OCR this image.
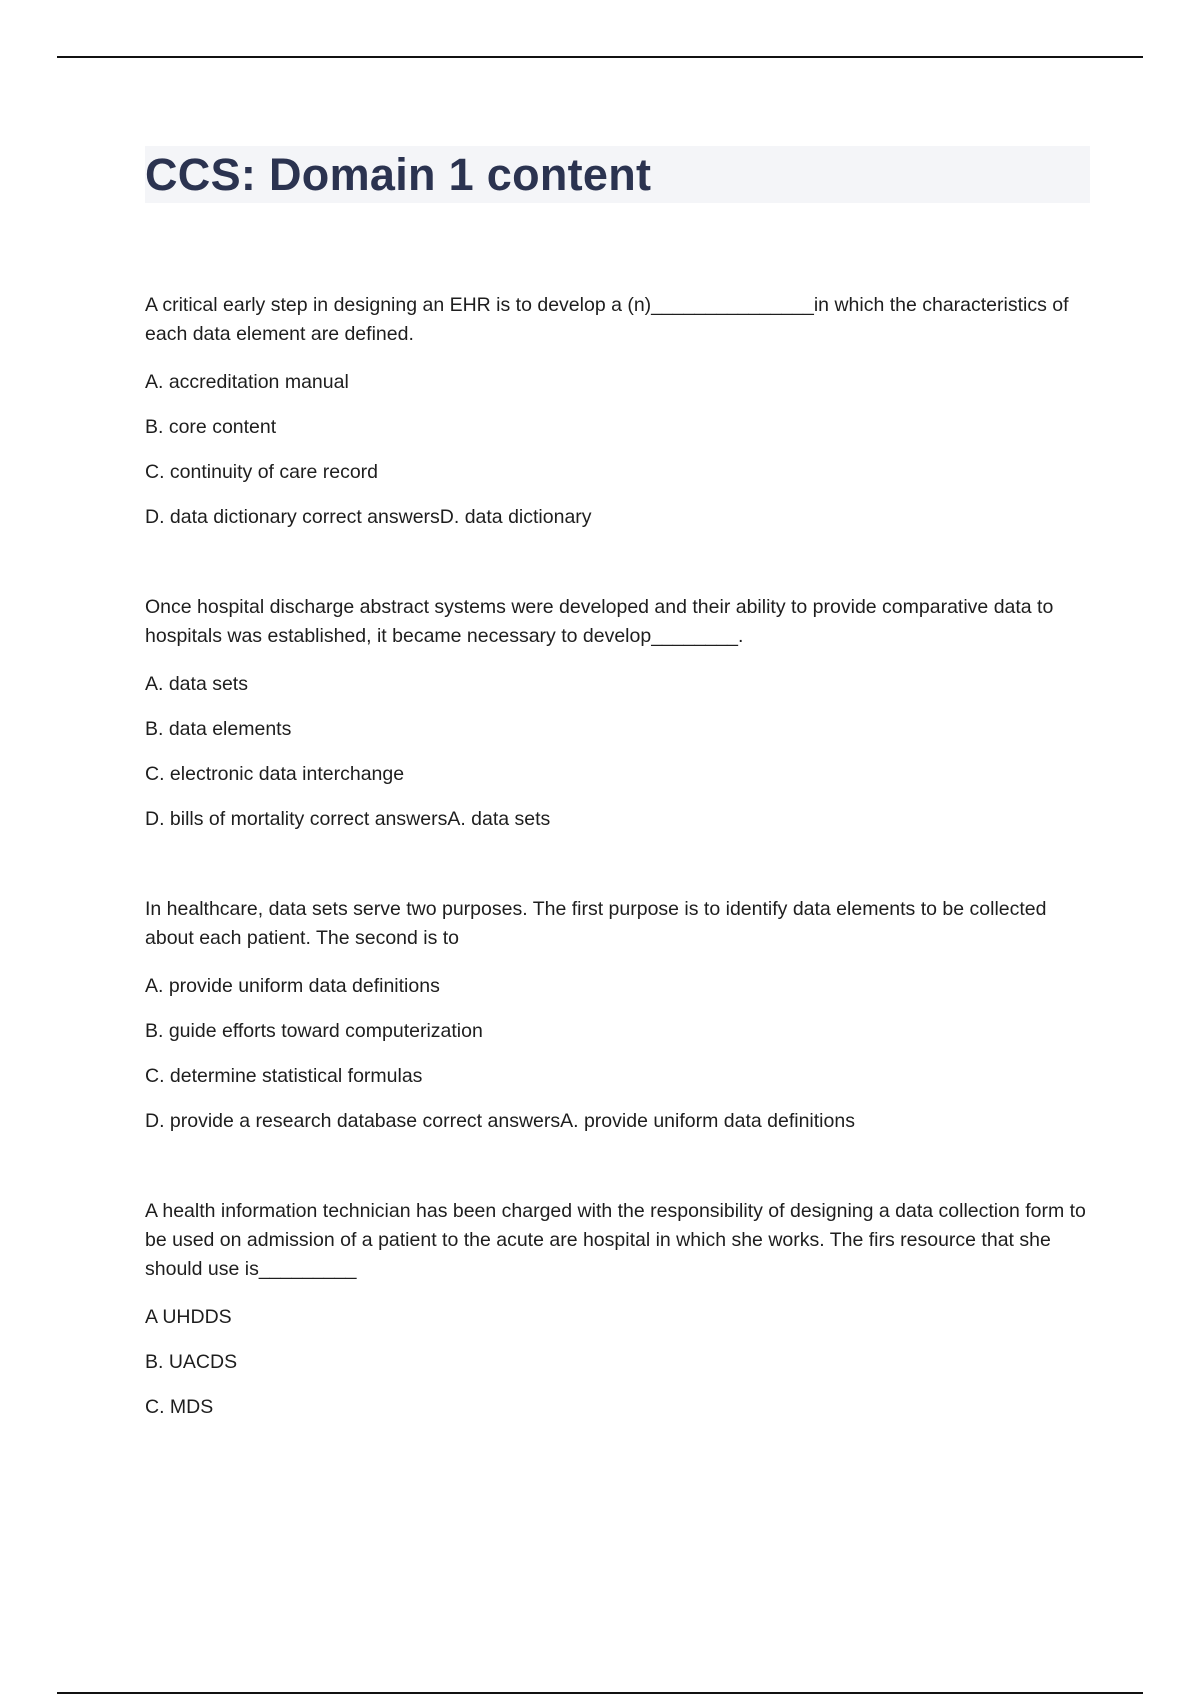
CCS: Domain 1 content

A critical early step in designing an EHR is to develop a (n)_______________in which the characteristics of each data element are defined.

A. accreditation manual

B. core content

C. continuity of care record

D. data dictionary correct answersD. data dictionary

Once hospital discharge abstract systems were developed and their ability to provide comparative data to hospitals was established, it became necessary to develop________.

A. data sets

B. data elements

C. electronic data interchange

D. bills of mortality correct answersA. data sets

In healthcare, data sets serve two purposes. The first purpose is to identify data elements to be collected about each patient. The second is to

A. provide uniform data definitions

B. guide efforts toward computerization

C. determine statistical formulas

D. provide a research database correct answersA. provide uniform data definitions

A health information technician has been charged with the responsibility of designing a data collection form to be used on admission of a patient to the acute are hospital in which she works. The firs resource that she should use is_________

A UHDDS

B. UACDS

C. MDS
